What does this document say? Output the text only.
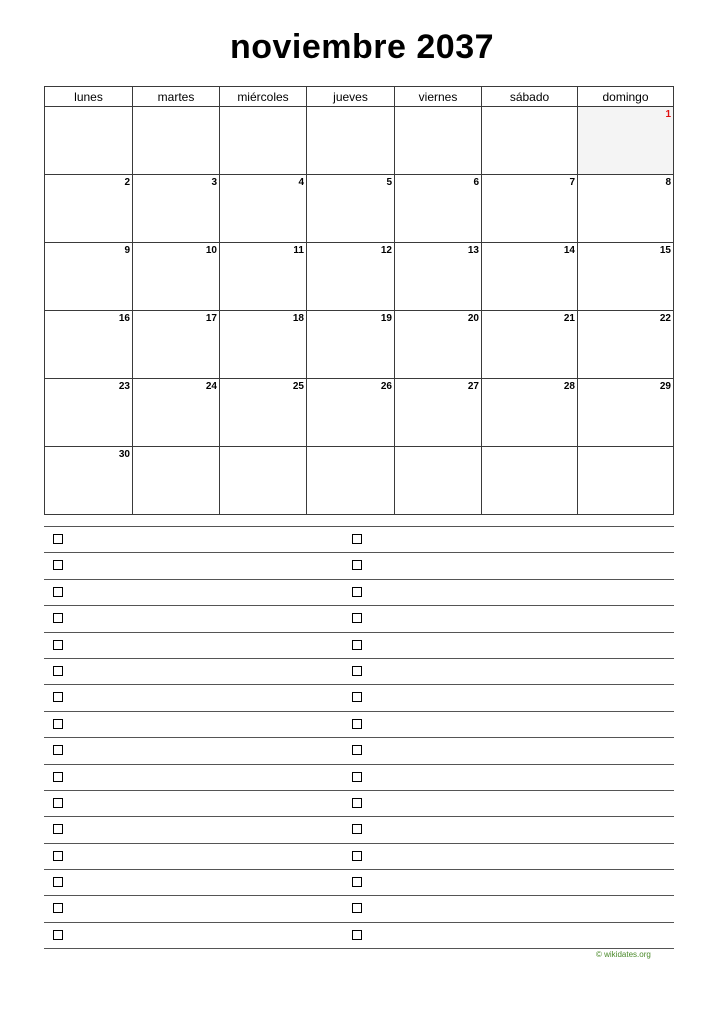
noviembre 2037
lunes	martes	miércoles	jueves	viernes	sábado	domingo

						1

2	3	4	5	6	7	8

9	10	11	12	13	14	15

16	17	18	19	20	21	22

23	24	25	26	27	28	29

30						

© wikidates.org
